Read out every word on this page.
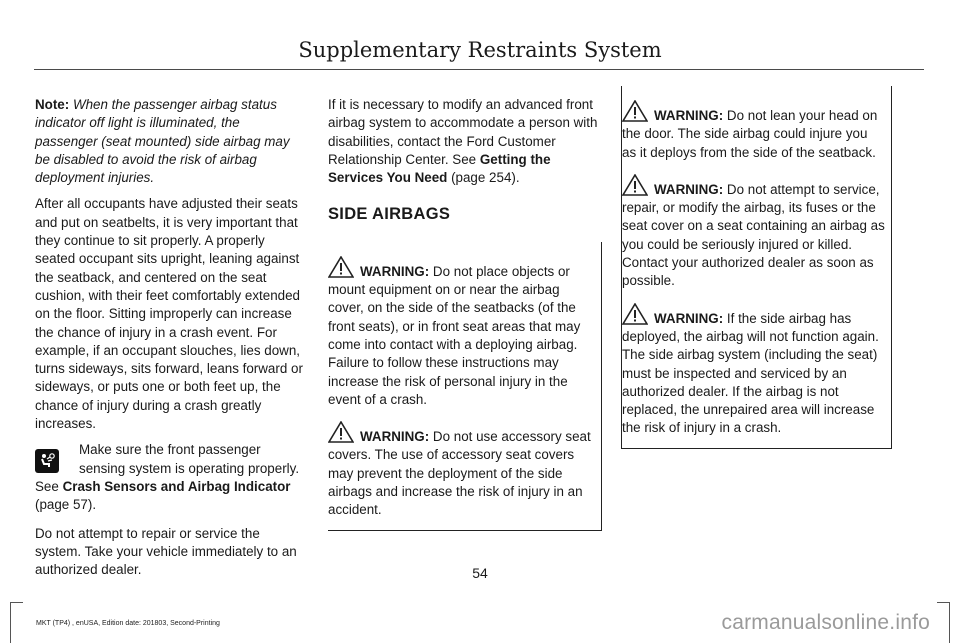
Supplementary Restraints System

Note: When the passenger airbag status indicator off light is illuminated, the passenger (seat mounted) side airbag may be disabled to avoid the risk of airbag deployment injuries.

After all occupants have adjusted their seats and put on seatbelts, it is very important that they continue to sit properly. A properly seated occupant sits upright, leaning against the seatback, and centered on the seat cushion, with their feet comfortably extended on the floor. Sitting improperly can increase the chance of injury in a crash event. For example, if an occupant slouches, lies down, turns sideways, sits forward, leans forward or sideways, or puts one or both feet up, the chance of injury during a crash greatly increases.

Make sure the front passenger sensing system is operating properly. See Crash Sensors and Airbag Indicator (page 57).

Do not attempt to repair or service the system. Take your vehicle immediately to an authorized dealer.

If it is necessary to modify an advanced front airbag system to accommodate a person with disabilities, contact the Ford Customer Relationship Center. See Getting the Services You Need (page 254).

SIDE AIRBAGS
WARNING: Do not place objects or mount equipment on or near the airbag cover, on the side of the seatbacks (of the front seats), or in front seat areas that may come into contact with a deploying airbag. Failure to follow these instructions may increase the risk of personal injury in the event of a crash.
WARNING: Do not use accessory seat covers. The use of accessory seat covers may prevent the deployment of the side airbags and increase the risk of injury in an accident.
WARNING: Do not lean your head on the door. The side airbag could injure you as it deploys from the side of the seatback.
WARNING: Do not attempt to service, repair, or modify the airbag, its fuses or the seat cover on a seat containing an airbag as you could be seriously injured or killed. Contact your authorized dealer as soon as possible.
WARNING: If the side airbag has deployed, the airbag will not function again. The side airbag system (including the seat) must be inspected and serviced by an authorized dealer. If the airbag is not replaced, the unrepaired area will increase the risk of injury in a crash.
54
MKT (TP4) , enUSA, Edition date: 201803, Second-Printing	carmanualsonline.info
